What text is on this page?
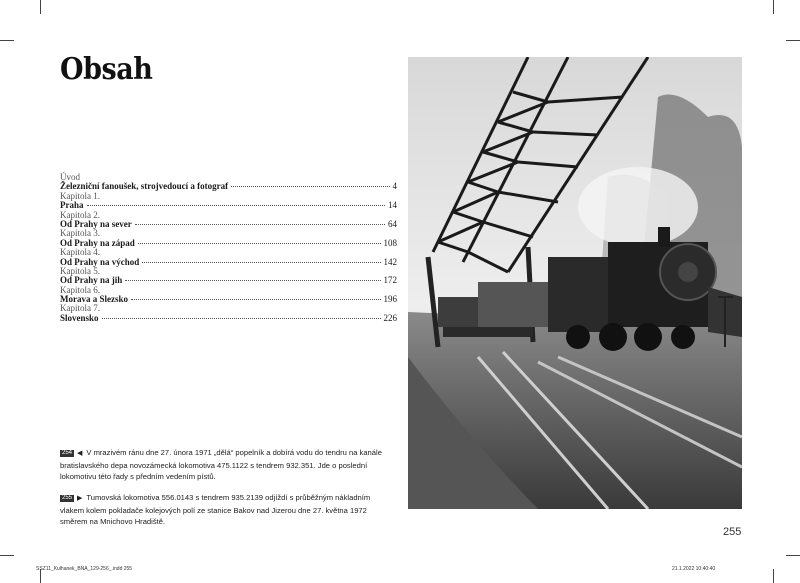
Obsah
Úvod
Železniční fanoušek, strojvedoucí a fotograf	4
Kapitola 1.
Praha	14
Kapitola 2.
Od Prahy na sever	64
Kapitola 3.
Od Prahy na západ	108
Kapitola 4.
Od Prahy na východ	142
Kapitola 5.
Od Prahy na jih	172
Kapitola 6.
Morava a Slezsko	196
Kapitola 7.
Slovensko	226
254 ◀ V mrazivém ránu dne 27. února 1971 „dělá“ popelník a dobírá vodu do tendru na kanále bratislavského depa novozámecká lokomotiva 475.1122 s tendrem 932.351. Jde o poslední lokomotivu této řady s předním vedením pístů.
255 ▶ Tumovská lokomotiva 556.0143 s tendrem 935.2139 odjíždí s průběžným nákladním vlakem kolem pokladače kolejových polí ze stanice Bakov nad Jizerou dne 27. května 1972 směrem na Mnichovo Hradiště.
255
SSZ11_Kulhanek_BNA_129-256_.indd 255	21.1.2022 10:40:40
